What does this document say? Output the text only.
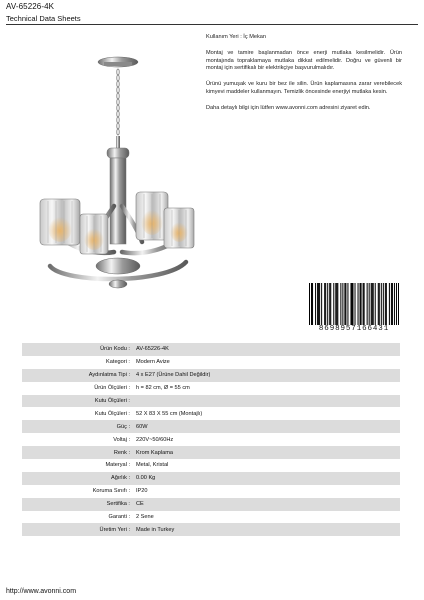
AV-65226-4K
Technical Data Sheets

Kullanım Yeri : İç Mekan

Montaj ve tamire başlanmadan önce enerji mutlaka kesilmelidir. Ürün montajında topraklamaya mutlaka dikkat edilmelidir. Doğru ve güvenli bir montaj için sertifikalı bir elektrikçiye başvurulmalıdır.

Ürünü yumuşak ve kuru bir bez ile silin. Ürün kaplamasına zarar verebilecek kimyevi maddeler kullanmayın. Temizlik öncesinde enerjiyi mutlaka kesin.

Daha detaylı bilgi için lütfen www.avonni.com adresini ziyaret edin.

8698957166431
Ürün Kodu :	AV-65226-4K
Kategori :	Modern Avize
Aydınlatma Tipi :	4 x E27 (Ürüne Dahil Değildir)
Ürün Ölçüleri :	h = 82 cm, Ø = 55 cm
Kutu Ölçüleri :
Kutu Ölçüleri :	52 X 83 X 55 cm (Montajlı)
Güç :	60W
Voltaj :	220V~50/60Hz
Renk :	Krom Kaplama
Materyal :	Metal, Kristal
Ağırlık :	0.00 Kg
Koruma Sınıfı :	IP20
Sertifika :	CE
Garanti :	2 Sene
Üretim Yeri :	Made in Turkey
http://www.avonni.com
